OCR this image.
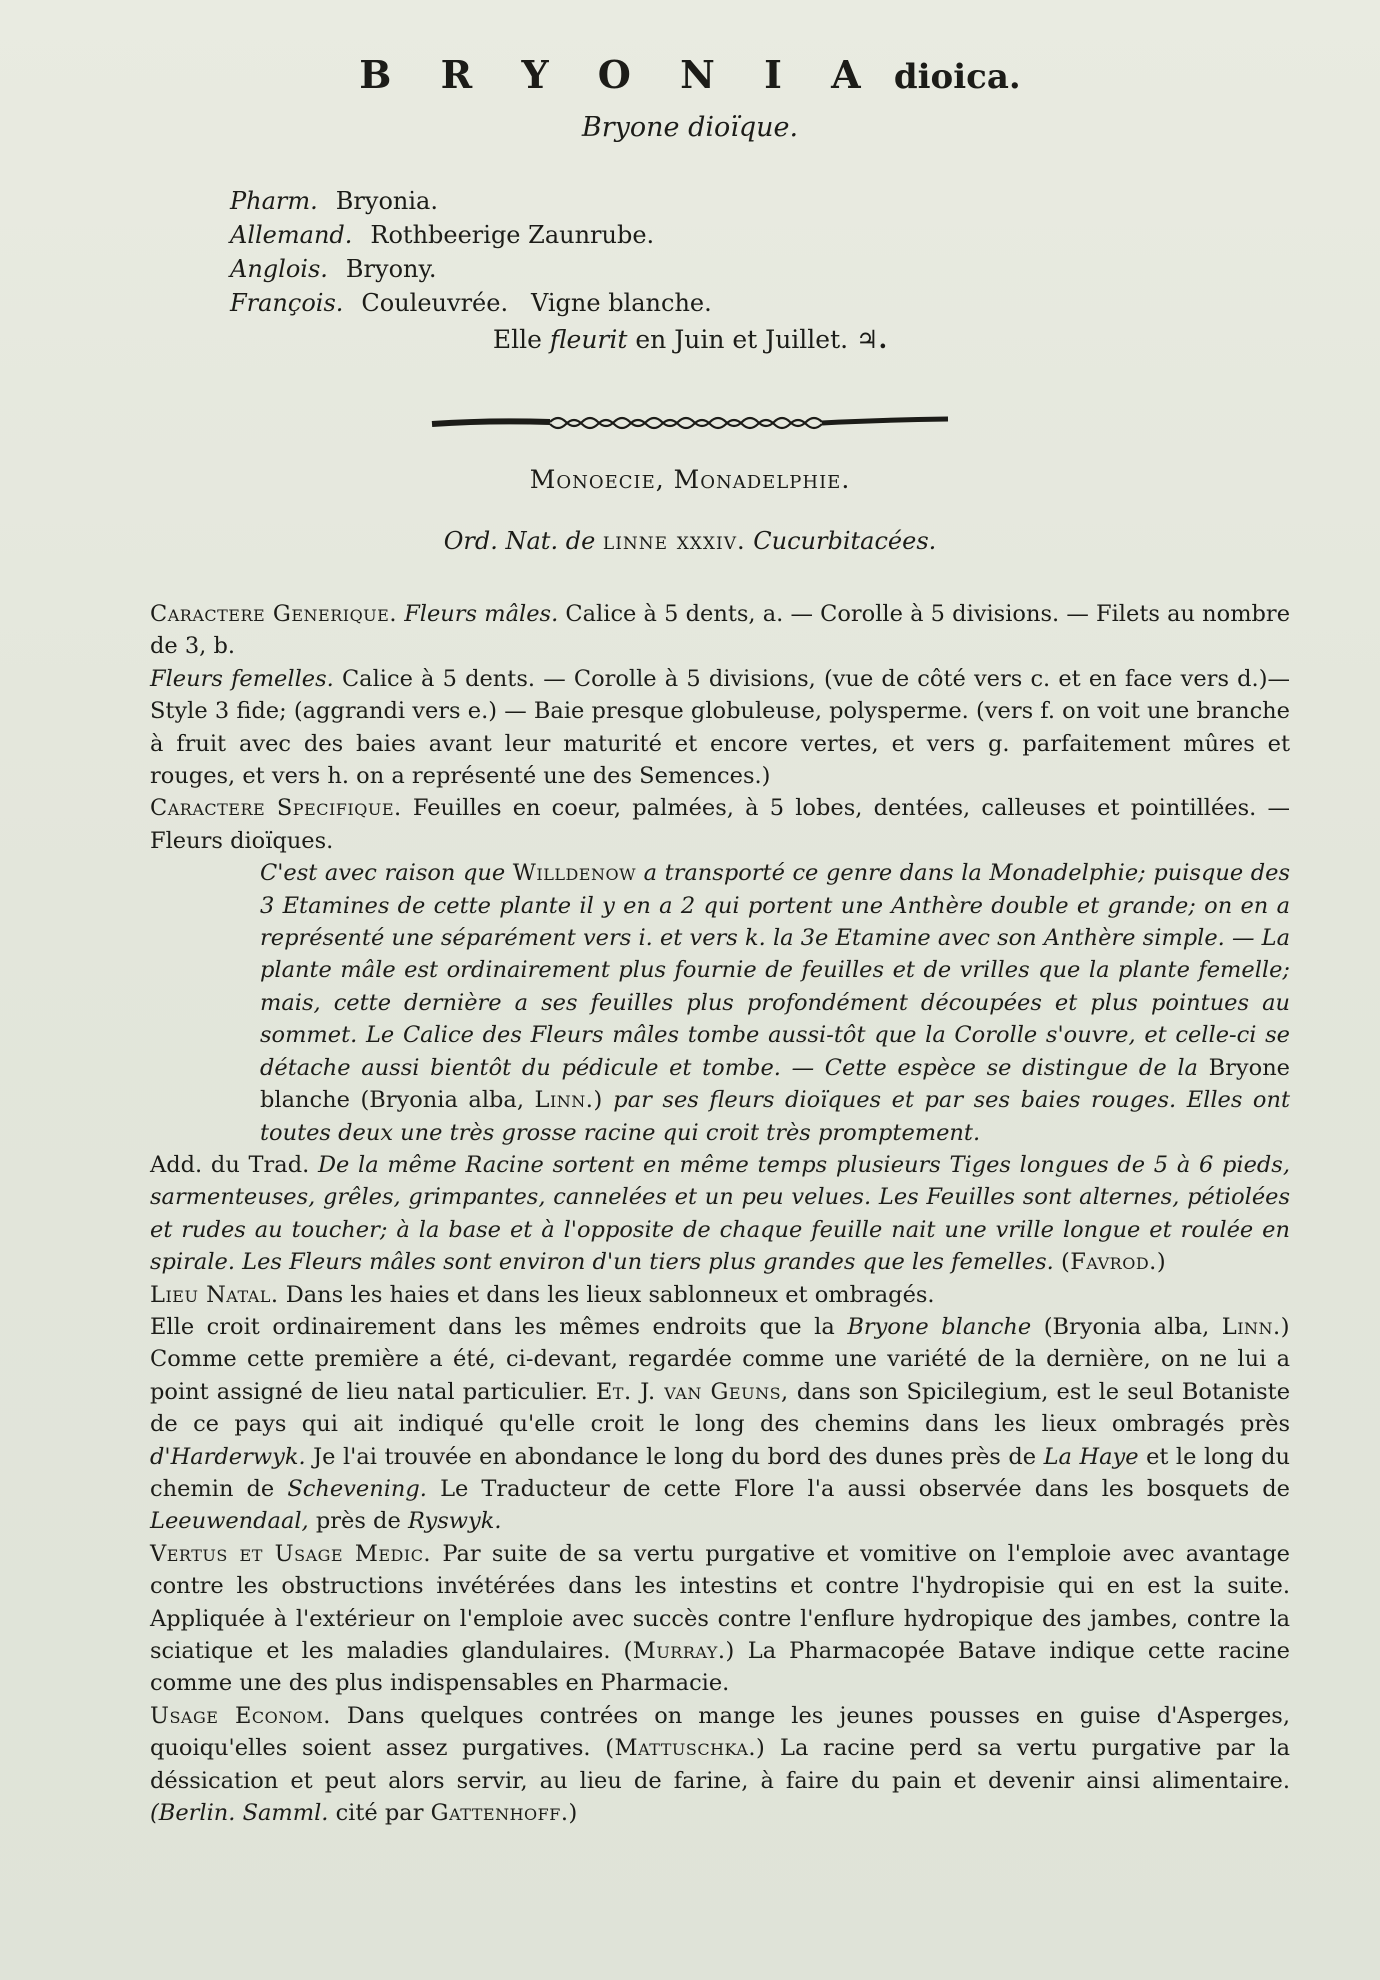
B R Y O N I A dioica.
Bryone dioïque.
Pharm. Bryonia.
Allemand. Rothbeerige Zaunrube.
Anglois. Bryony.
François. Couleuvrée.   Vigne blanche.
Elle fleurit en Juin et Juillet. ♃.
Monoecie, Monadelphie.
Ord. Nat. de linne xxxiv. Cucurbitacées.

Caractere Generique. Fleurs mâles. Calice à 5 dents, a. — Corolle à 5 divisions. — Filets au nombre de 3, b.

Fleurs femelles. Calice à 5 dents. — Corolle à 5 divisions, (vue de côté vers c. et en face vers d.)— Style 3 fide; (aggrandi vers e.) — Baie presque globuleuse, polysperme. (vers f. on voit une branche à fruit avec des baies avant leur maturité et encore vertes, et vers g. parfaitement mûres et rouges, et vers h. on a représenté une des Semences.)

Caractere Specifique. Feuilles en coeur, palmées, à 5 lobes, dentées, calleuses et pointillées. — Fleurs dioïques.

C'est avec raison que Willdenow a transporté ce genre dans la Monadelphie; puisque des 3 Etamines de cette plante il y en a 2 qui portent une Anthère double et grande; on en a représenté une séparément vers i. et vers k. la 3e Etamine avec son Anthère simple. — La plante mâle est ordinairement plus fournie de feuilles et de vrilles que la plante femelle; mais, cette dernière a ses feuilles plus profondément découpées et plus pointues au sommet. Le Calice des Fleurs mâles tombe aussi-tôt que la Corolle s'ouvre, et celle-ci se détache aussi bientôt du pédicule et tombe. — Cette espèce se distingue de la Bryone blanche (Bryonia alba, Linn.) par ses fleurs dioïques et par ses baies rouges. Elles ont toutes deux une très grosse racine qui croit très promptement.

Add. du Trad. De la même Racine sortent en même temps plusieurs Tiges longues de 5 à 6 pieds, sarmenteuses, grêles, grimpantes, cannelées et un peu velues. Les Feuilles sont alternes, pétiolées et rudes au toucher; à la base et à l'opposite de chaque feuille nait une vrille longue et roulée en spirale. Les Fleurs mâles sont environ d'un tiers plus grandes que les femelles. (Favrod.)

Lieu Natal. Dans les haies et dans les lieux sablonneux et ombragés.

Elle croit ordinairement dans les mêmes endroits que la Bryone blanche (Bryonia alba, Linn.) Comme cette première a été, ci-devant, regardée comme une variété de la dernière, on ne lui a point assigné de lieu natal particulier. Et. J. van Geuns, dans son Spicilegium, est le seul Botaniste de ce pays qui ait indiqué qu'elle croit le long des chemins dans les lieux ombragés près d'Harderwyk. Je l'ai trouvée en abondance le long du bord des dunes près de La Haye et le long du chemin de Schevening. Le Traducteur de cette Flore l'a aussi observée dans les bosquets de Leeuwendaal, près de Ryswyk.

Vertus et Usage Medic. Par suite de sa vertu purgative et vomitive on l'emploie avec avantage contre les obstructions invétérées dans les intestins et contre l'hydropisie qui en est la suite. Appliquée à l'extérieur on l'emploie avec succès contre l'enflure hydropique des jambes, contre la sciatique et les maladies glandulaires. (Murray.) La Pharmacopée Batave indique cette racine comme une des plus indispensables en Pharmacie.

Usage Econom. Dans quelques contrées on mange les jeunes pousses en guise d'Asperges, quoiqu'elles soient assez purgatives. (Mattuschka.) La racine perd sa vertu purgative par la déssication et peut alors servir, au lieu de farine, à faire du pain et devenir ainsi alimentaire. (Berlin. Samml. cité par Gattenhoff.)
